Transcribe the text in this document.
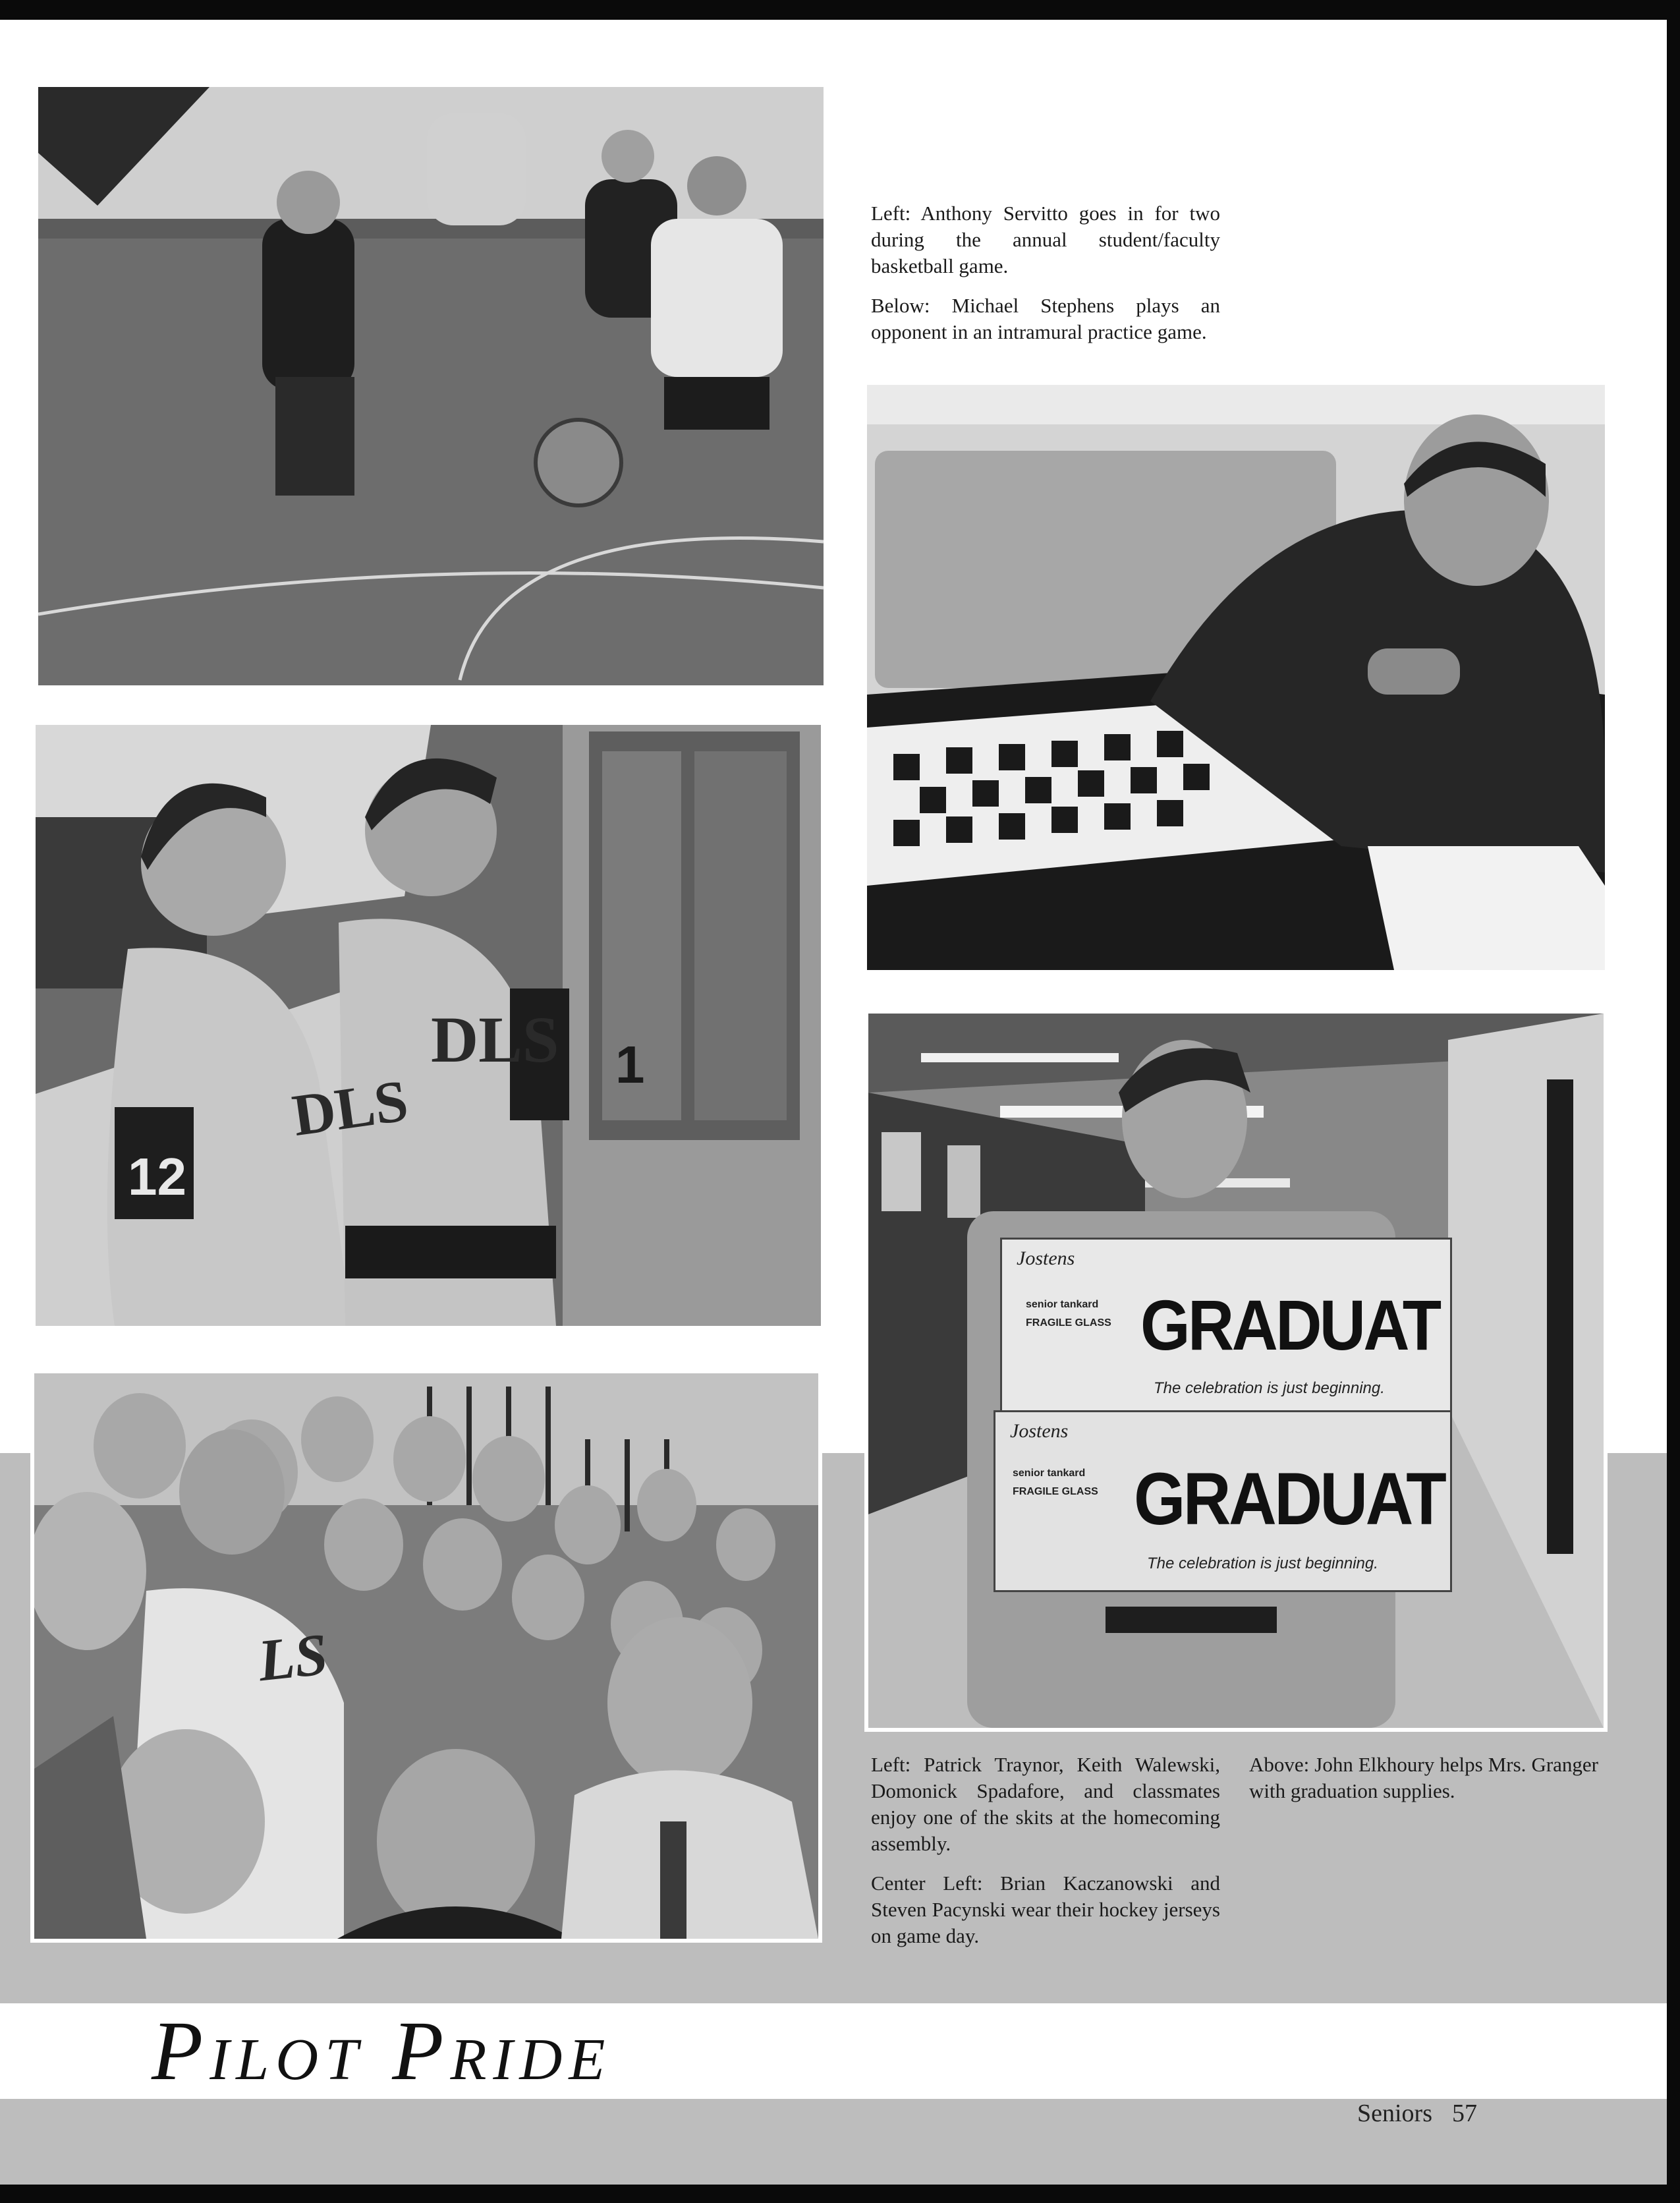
DLS
DLS
12
1
LS
Jostens
senior tankard
FRAGILE GLASS GRADUAT
The celebration is just beginning.
Jostens
senior tankard
FRAGILE GLASS GRADUAT
The celebration is just beginning.

Left: Anthony Servitto goes in for two during the annual student/faculty basketball game.

Below: Michael Stephens plays an opponent in an intramural practice game.

Left: Patrick Traynor, Keith Walewski, Domonick Spadafore, and classmates enjoy one of the skits at the homecoming assembly.

Center Left: Brian Kaczanowski and Steven Pacynski wear their hockey jerseys on game day.

Above: John Elkhoury helps Mrs. Granger with graduation supplies.

Pilot Pride
Seniors 57
